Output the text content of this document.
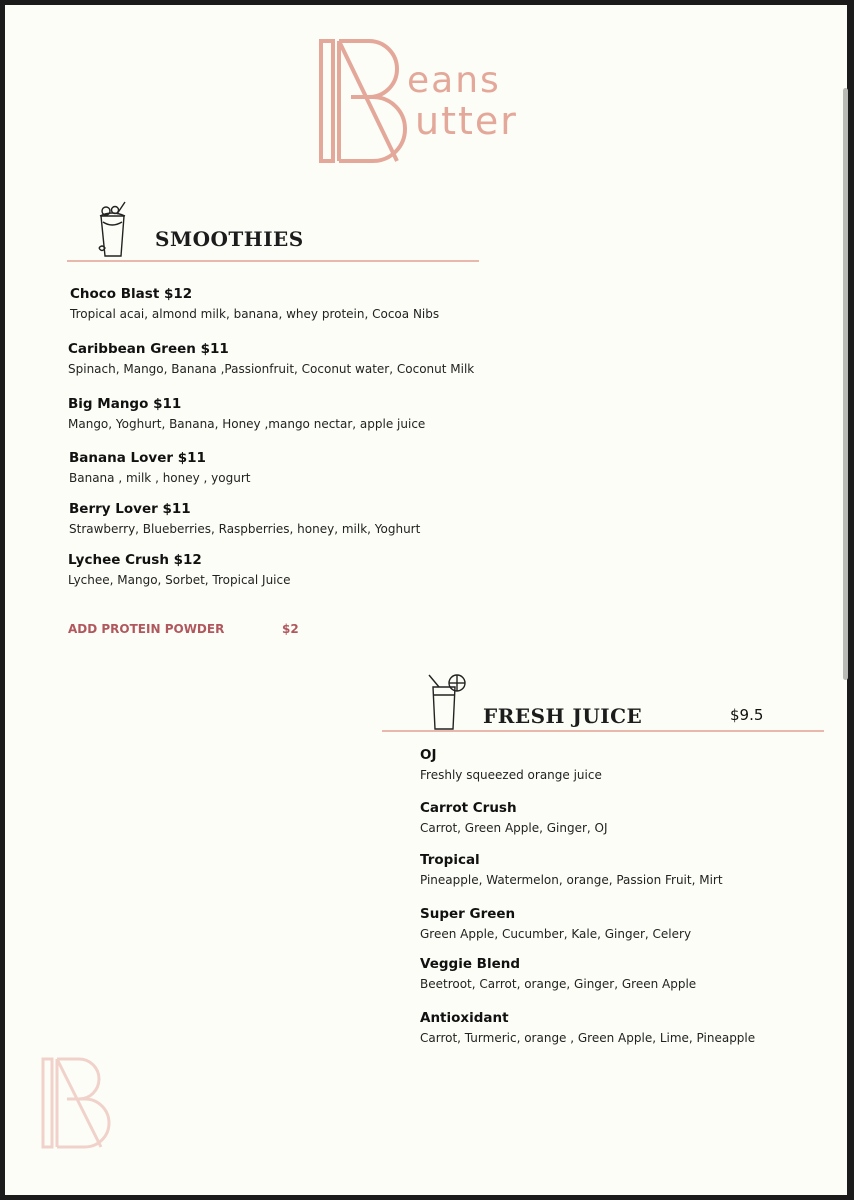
eans
utter
SMOOTHIES
Choco Blast $12
Tropical acai, almond milk, banana, whey protein, Cocoa Nibs
Caribbean Green $11
Spinach, Mango, Banana ,Passionfruit, Coconut water, Coconut Milk
Big Mango $11
Mango, Yoghurt, Banana, Honey ,mango nectar, apple juice
Banana Lover $11
Banana , milk , honey , yogurt
Berry Lover $11
Strawberry, Blueberries, Raspberries, honey, milk, Yoghurt
Lychee Crush $12
Lychee, Mango, Sorbet, Tropical Juice
ADD PROTEIN POWDER	$2
FRESH JUICE	$9.5
OJ
Freshly squeezed orange juice
Carrot Crush
Carrot, Green Apple, Ginger, OJ
Tropical
Pineapple, Watermelon, orange, Passion Fruit, Mirt
Super Green
Green Apple, Cucumber, Kale, Ginger, Celery
Veggie Blend
Beetroot, Carrot, orange, Ginger, Green Apple
Antioxidant
Carrot, Turmeric, orange , Green Apple, Lime, Pineapple
